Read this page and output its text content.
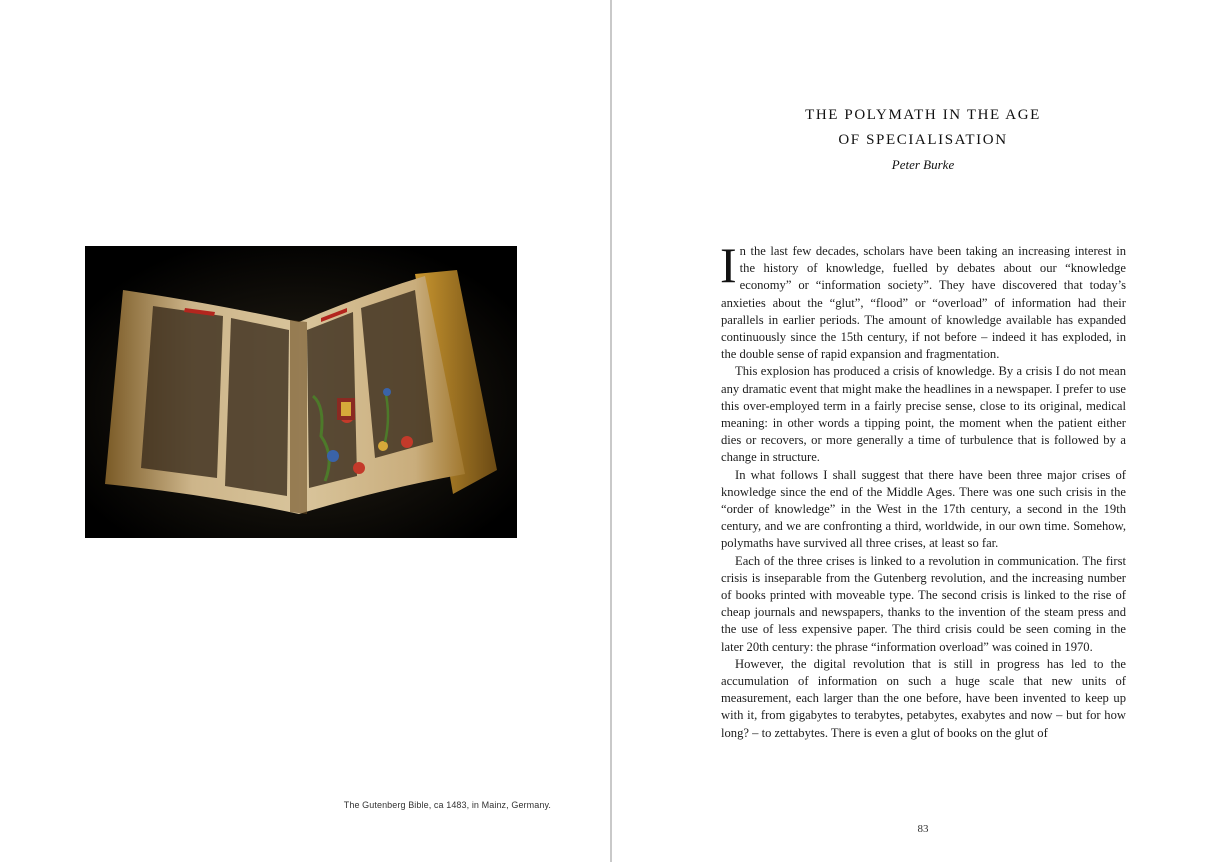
The Gutenberg Bible, ca 1483, in Mainz, Germany.
THE POLYMATH IN THE AGE
OF SPECIALISATION
Peter Burke

In the last few decades, scholars have been taking an increasing interest in the history of knowledge, fuelled by debates about our “knowledge economy” or “information society”. They have discovered that today’s anxieties about the “glut”, “flood” or “overload” of information had their parallels in earlier periods. The amount of knowledge available has expanded continuously since the 15th century, if not before – indeed it has exploded, in the double sense of rapid expansion and fragmentation.

This explosion has produced a crisis of knowledge. By a crisis I do not mean any dramatic event that might make the headlines in a newspaper. I prefer to use this over-employed term in a fairly precise sense, close to its original, medical meaning: in other words a tipping point, the moment when the patient either dies or recovers, or more generally a time of turbulence that is followed by a change in structure.

In what follows I shall suggest that there have been three major crises of knowledge since the end of the Middle Ages. There was one such crisis in the “order of knowledge” in the West in the 17th century, a second in the 19th century, and we are confronting a third, worldwide, in our own time. Somehow, polymaths have survived all three crises, at least so far.

Each of the three crises is linked to a revolution in communication. The first crisis is inseparable from the Gutenberg revolution, and the increasing number of books printed with moveable type. The second crisis is linked to the rise of cheap journals and newspapers, thanks to the invention of the steam press and the use of less expensive paper. The third crisis could be seen coming in the later 20th century: the phrase “information overload” was coined in 1970.

However, the digital revolution that is still in progress has led to the accumulation of information on such a huge scale that new units of measurement, each larger than the one before, have been invented to keep up with it, from gigabytes to terabytes, petabytes, exabytes and now – but for how long? – to zettabytes. There is even a glut of books on the glut of

83
